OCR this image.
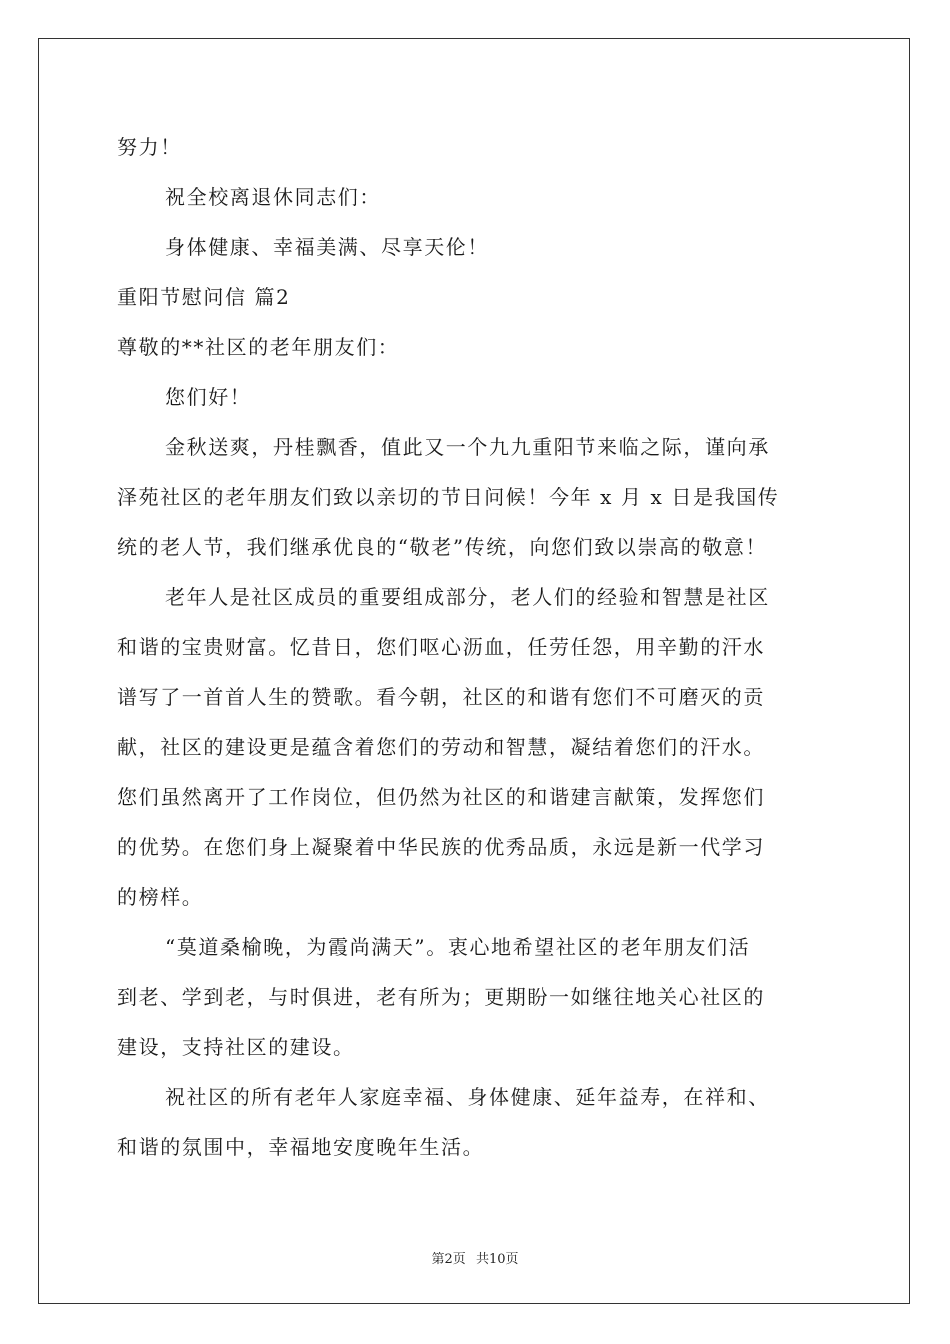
努力！
祝全校离退休同志们：
身体健康、幸福美满、尽享天伦！
重阳节慰问信 篇2
尊敬的**社区的老年朋友们：
您们好！
金秋送爽，丹桂飘香，值此又一个九九重阳节来临之际，谨向承
泽苑社区的老年朋友们致以亲切的节日问候！今年 x 月 x 日是我国传
统的老人节，我们继承优良的“敬老”传统，向您们致以崇高的敬意！
老年人是社区成员的重要组成部分，老人们的经验和智慧是社区
和谐的宝贵财富。忆昔日，您们呕心沥血，任劳任怨，用辛勤的汗水
谱写了一首首人生的赞歌。看今朝，社区的和谐有您们不可磨灭的贡
献，社区的建设更是蕴含着您们的劳动和智慧，凝结着您们的汗水。
您们虽然离开了工作岗位，但仍然为社区的和谐建言献策，发挥您们
的优势。在您们身上凝聚着中华民族的优秀品质，永远是新一代学习
的榜样。
“莫道桑榆晚，为霞尚满天”。衷心地希望社区的老年朋友们活
到老、学到老，与时俱进，老有所为；更期盼一如继往地关心社区的
建设，支持社区的建设。
祝社区的所有老年人家庭幸福、身体健康、延年益寿，在祥和、
和谐的氛围中，幸福地安度晚年生活。
第2页 共10页
